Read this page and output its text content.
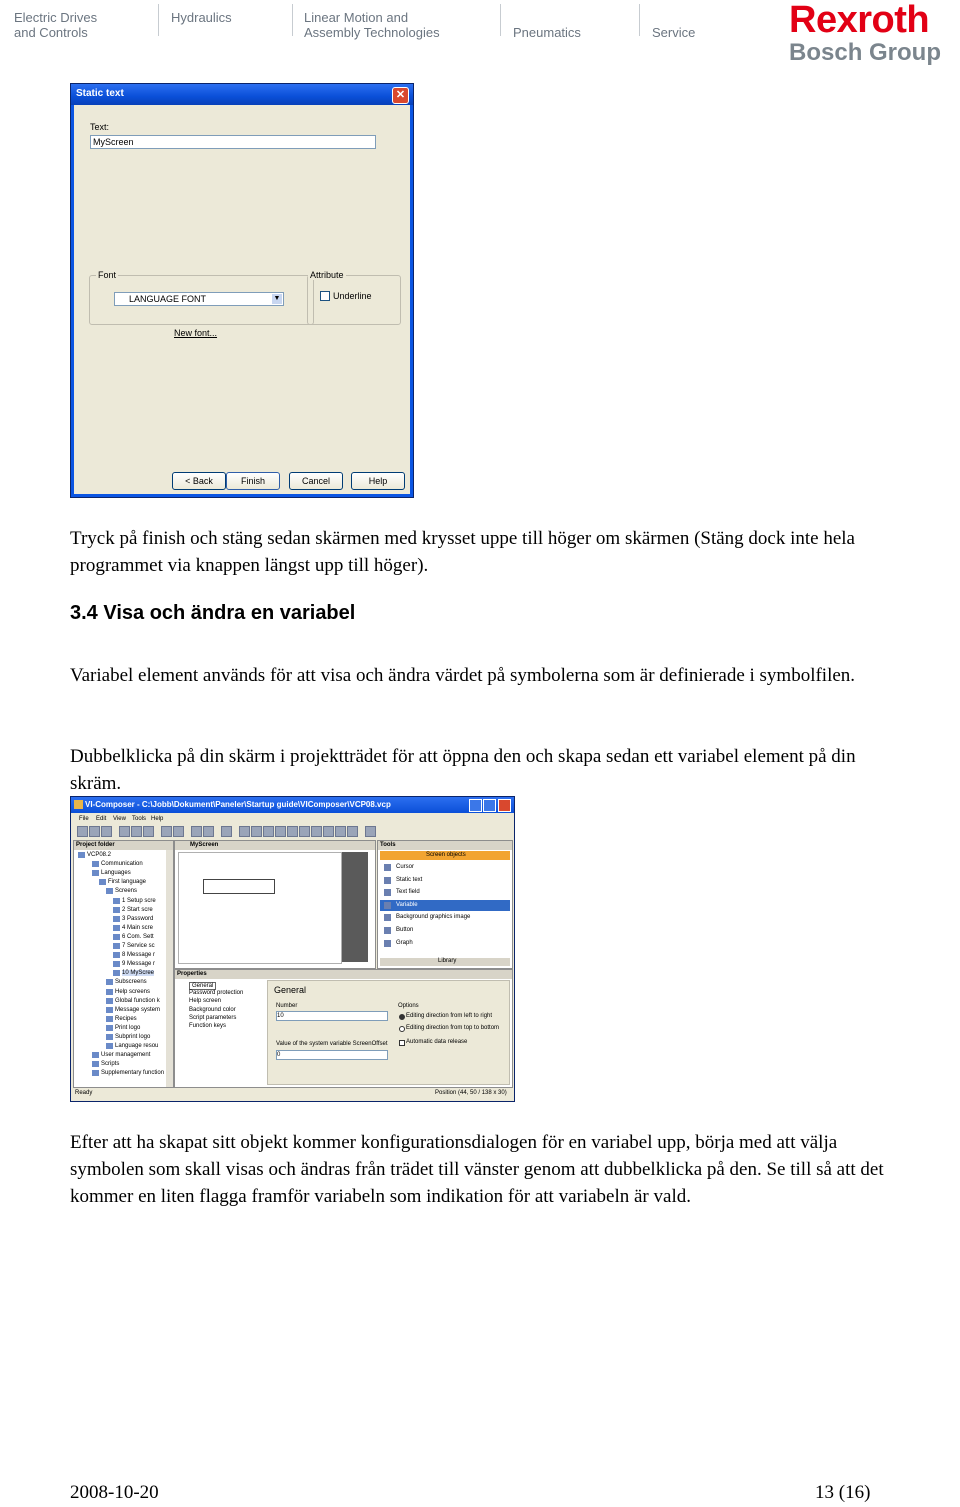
Electric Drives
and Controls
Hydraulics	Linear Motion and
Assembly Technologies	Pneumatics	Service Rexroth
Bosch Group
Static text	✕
Text:
MyScreen
Font
LANGUAGE FONT	▼
New font...
Attribute
Underline
< Back	Finish	Cancel	Help
Tryck på finish och stäng sedan skärmen med krysset uppe till höger om skärmen (Stäng dock inte hela programmet via knappen längst upp till höger).
3.4 Visa och ändra en variabel
Variabel element används för att visa och ändra värdet på symbolerna som är definierade i symbolfilen.
Dubbelklicka på din skärm i projektträdet för att öppna den och skapa sedan ett variabel element på din skräm.
VI-Composer - C:\Jobb\Dokument\Paneler\Startup guide\VIComposer\VCP08.vcp
File Edit View Tools Help
Project folder
VCP08.2
Communication
Languages
First language
Screens
1 Setup scre
2 Start scre
3 Password
4 Main scre
6 Com. Sett
7 Service sc
8 Message r
9 Message r
10 MyScree
Subscreens
Help screens
Global function k
Message system
Recipes
Print logo
Subprint logo
Language resou
User management
Scripts
Supplementary function
MyScreen	Tools
Screen objects
Cursor
Static text
Text field
Variable
Background graphics image
Button
Graph
Library
Properties
General
Password protection
Help screen
Background color
Script parameters
Function keys
General
Number
10
Value of the system variable ScreenOffset
0
Options
Editing direction from left to right
Editing direction from top to bottom
Automatic data release
Ready	Position (44, 50 / 138 x 30)
Efter att ha skapat sitt objekt kommer konfigurationsdialogen för en variabel upp, börja med att välja symbolen som skall visas och ändras från trädet till vänster genom att dubbelklicka på den. Se till så att det kommer en liten flagga framför variabeln som indikation för att variabeln är vald.
2008-10-20	13 (16)
